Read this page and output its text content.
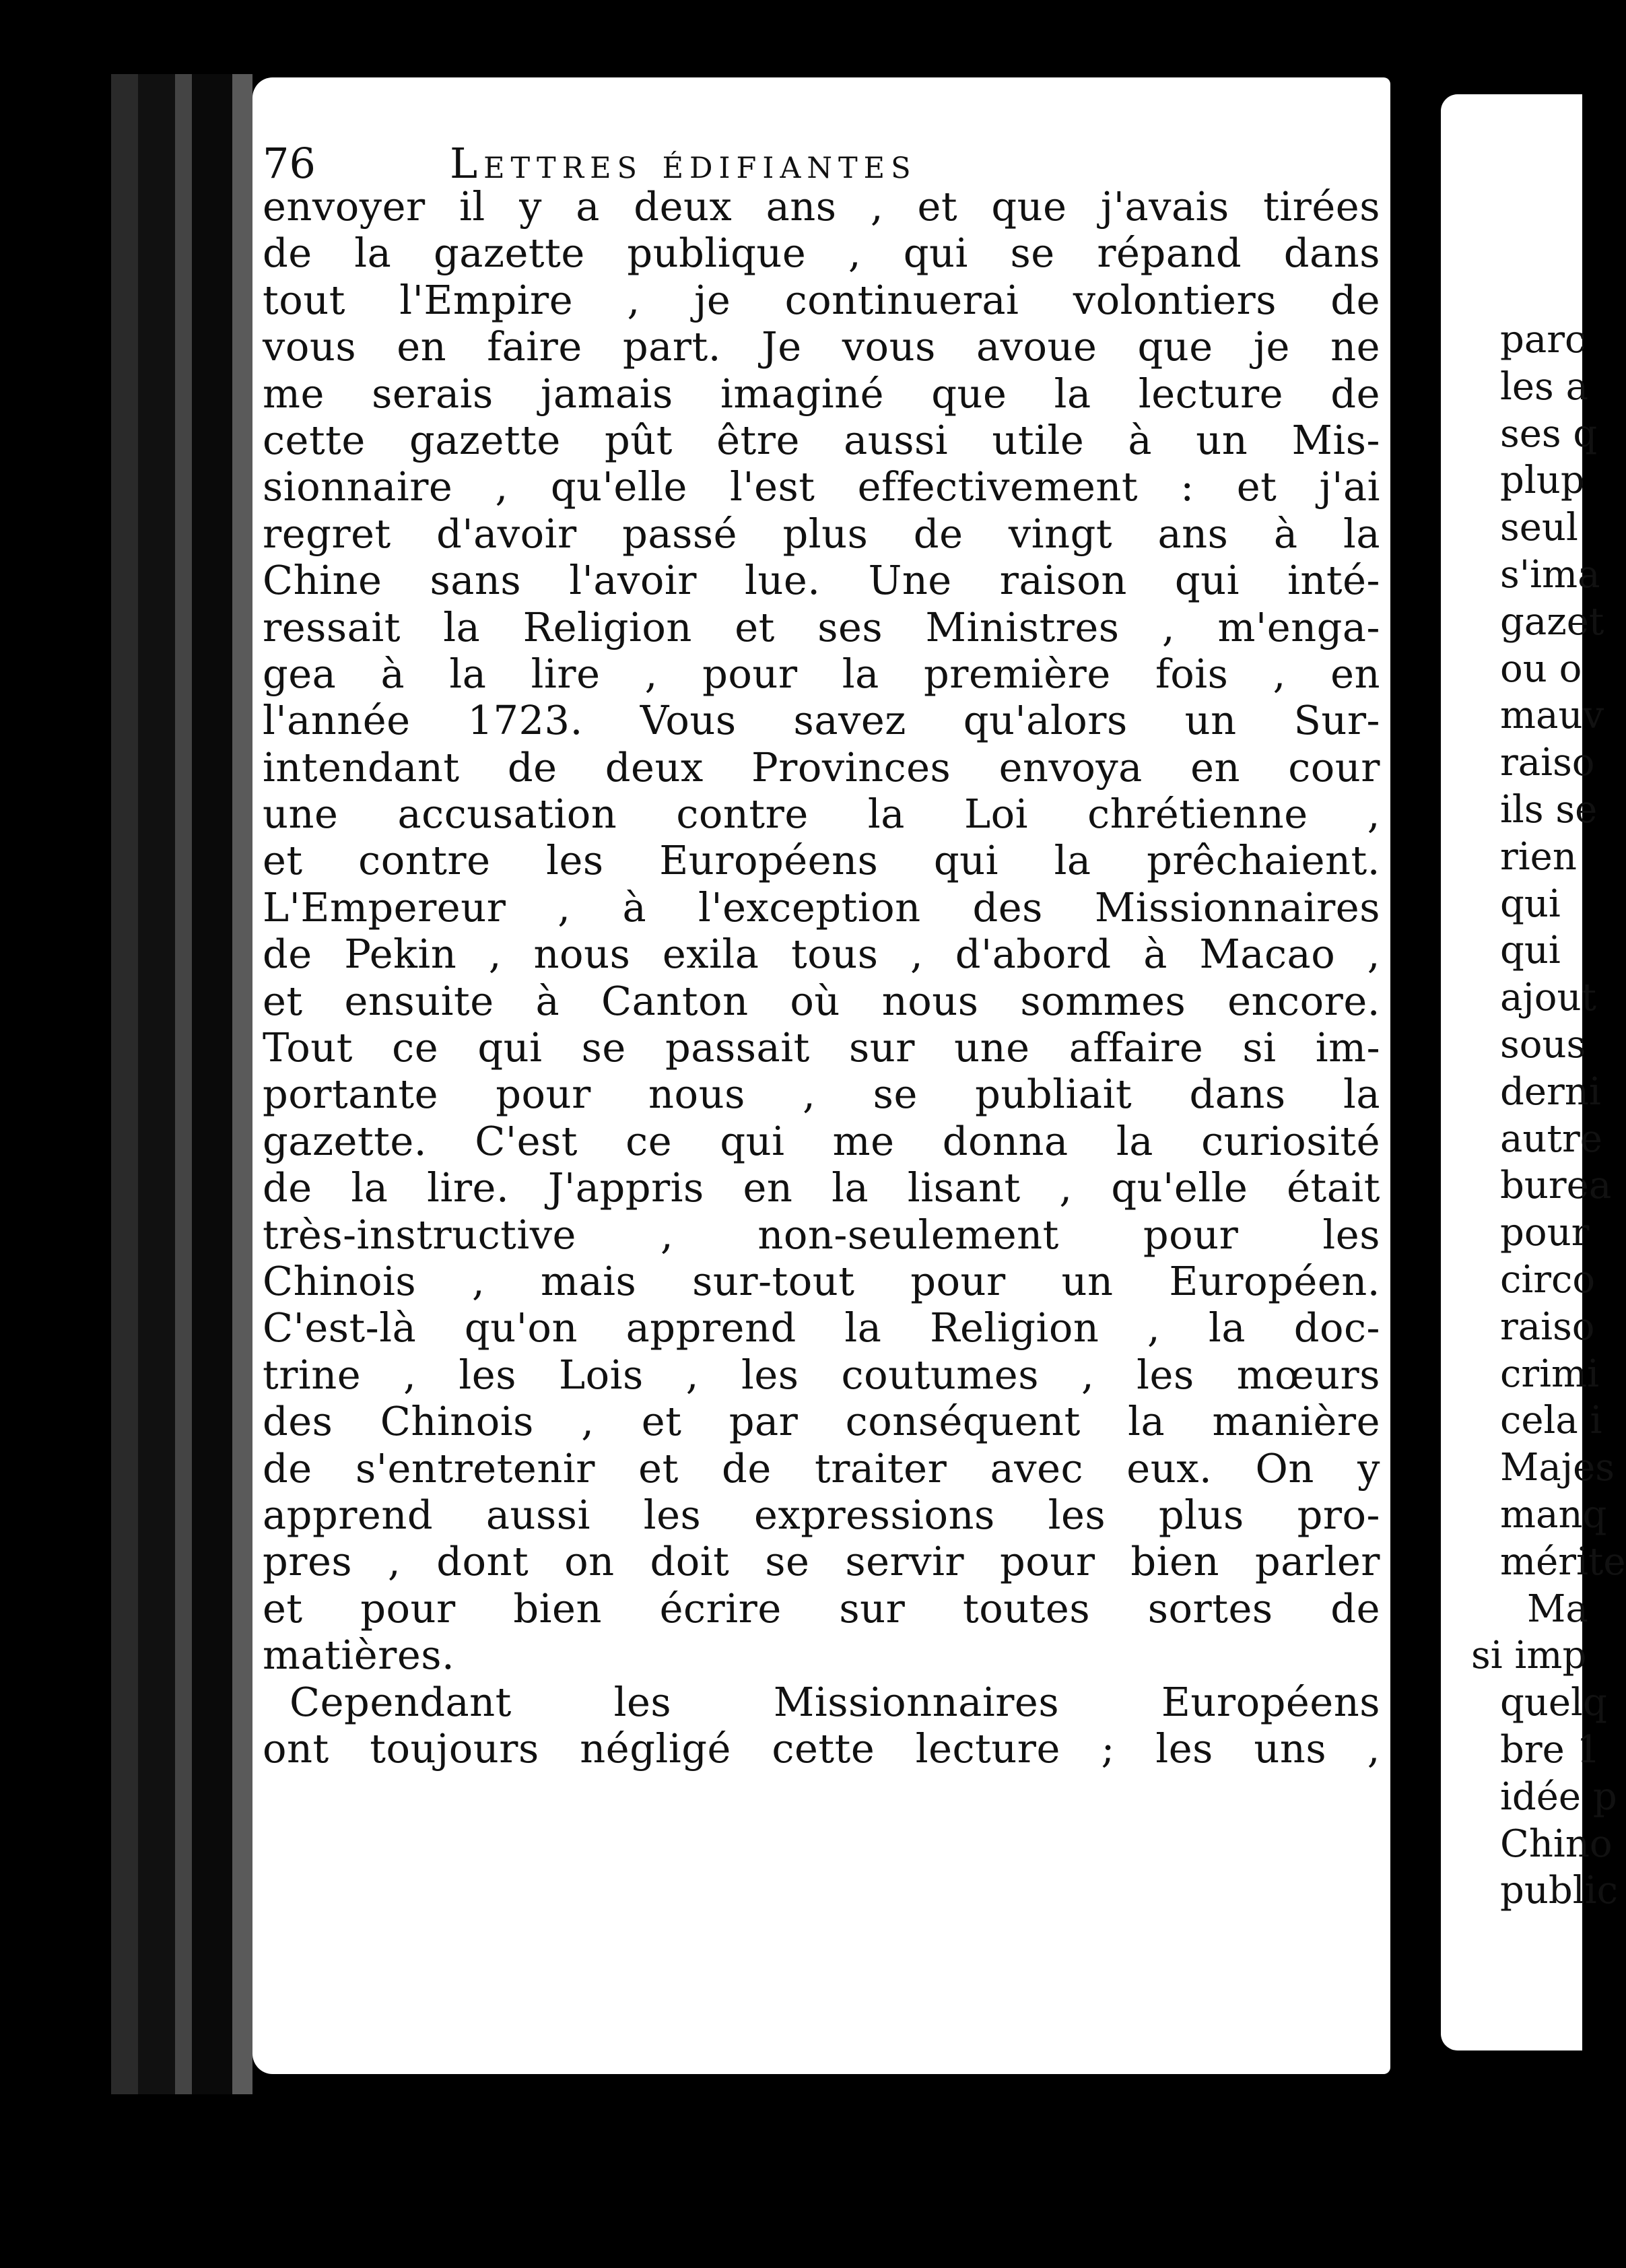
parc
les a
ses q
plup
seul
s'ima
gazet
ou o
mauv
raiso
ils se
rien
qui
qui
ajout
sous
derni
autre
burea
pour
circo
raiso
crimi
cela i
Majes
manq
mérite
Ma
si imp
quelq
bre 1
idée p
Chino
public
76	Lettres édifiantes
envoyer il y a deux ans , et que j'avais tirées
de la gazette publique , qui se répand dans
tout l'Empire , je continuerai volontiers de
vous en faire part. Je vous avoue que je ne
me serais jamais imaginé que la lecture de
cette gazette pût être aussi utile à un Mis-
sionnaire , qu'elle l'est effectivement : et j'ai
regret d'avoir passé plus de vingt ans à la
Chine sans l'avoir lue. Une raison qui inté-
ressait la Religion et ses Ministres , m'enga-
gea à la lire , pour la première fois , en
l'année 1723. Vous savez qu'alors un Sur-
intendant de deux Provinces envoya en cour
une accusation contre la Loi chrétienne ,
et contre les Européens qui la prêchaient.
L'Empereur , à l'exception des Missionnaires
de Pekin , nous exila tous , d'abord à Macao ,
et ensuite à Canton où nous sommes encore.
Tout ce qui se passait sur une affaire si im-
portante pour nous , se publiait dans la
gazette. C'est ce qui me donna la curiosité
de la lire. J'appris en la lisant , qu'elle était
très-instructive , non-seulement pour les
Chinois , mais sur-tout pour un Européen.
C'est-là qu'on apprend la Religion , la doc-
trine , les Lois , les coutumes , les mœurs
des Chinois , et par conséquent la manière
de s'entretenir et de traiter avec eux. On y
apprend aussi les expressions les plus pro-
pres , dont on doit se servir pour bien parler
et pour bien écrire sur toutes sortes de
matières.
Cependant les Missionnaires Européens
ont toujours négligé cette lecture ; les uns ,
